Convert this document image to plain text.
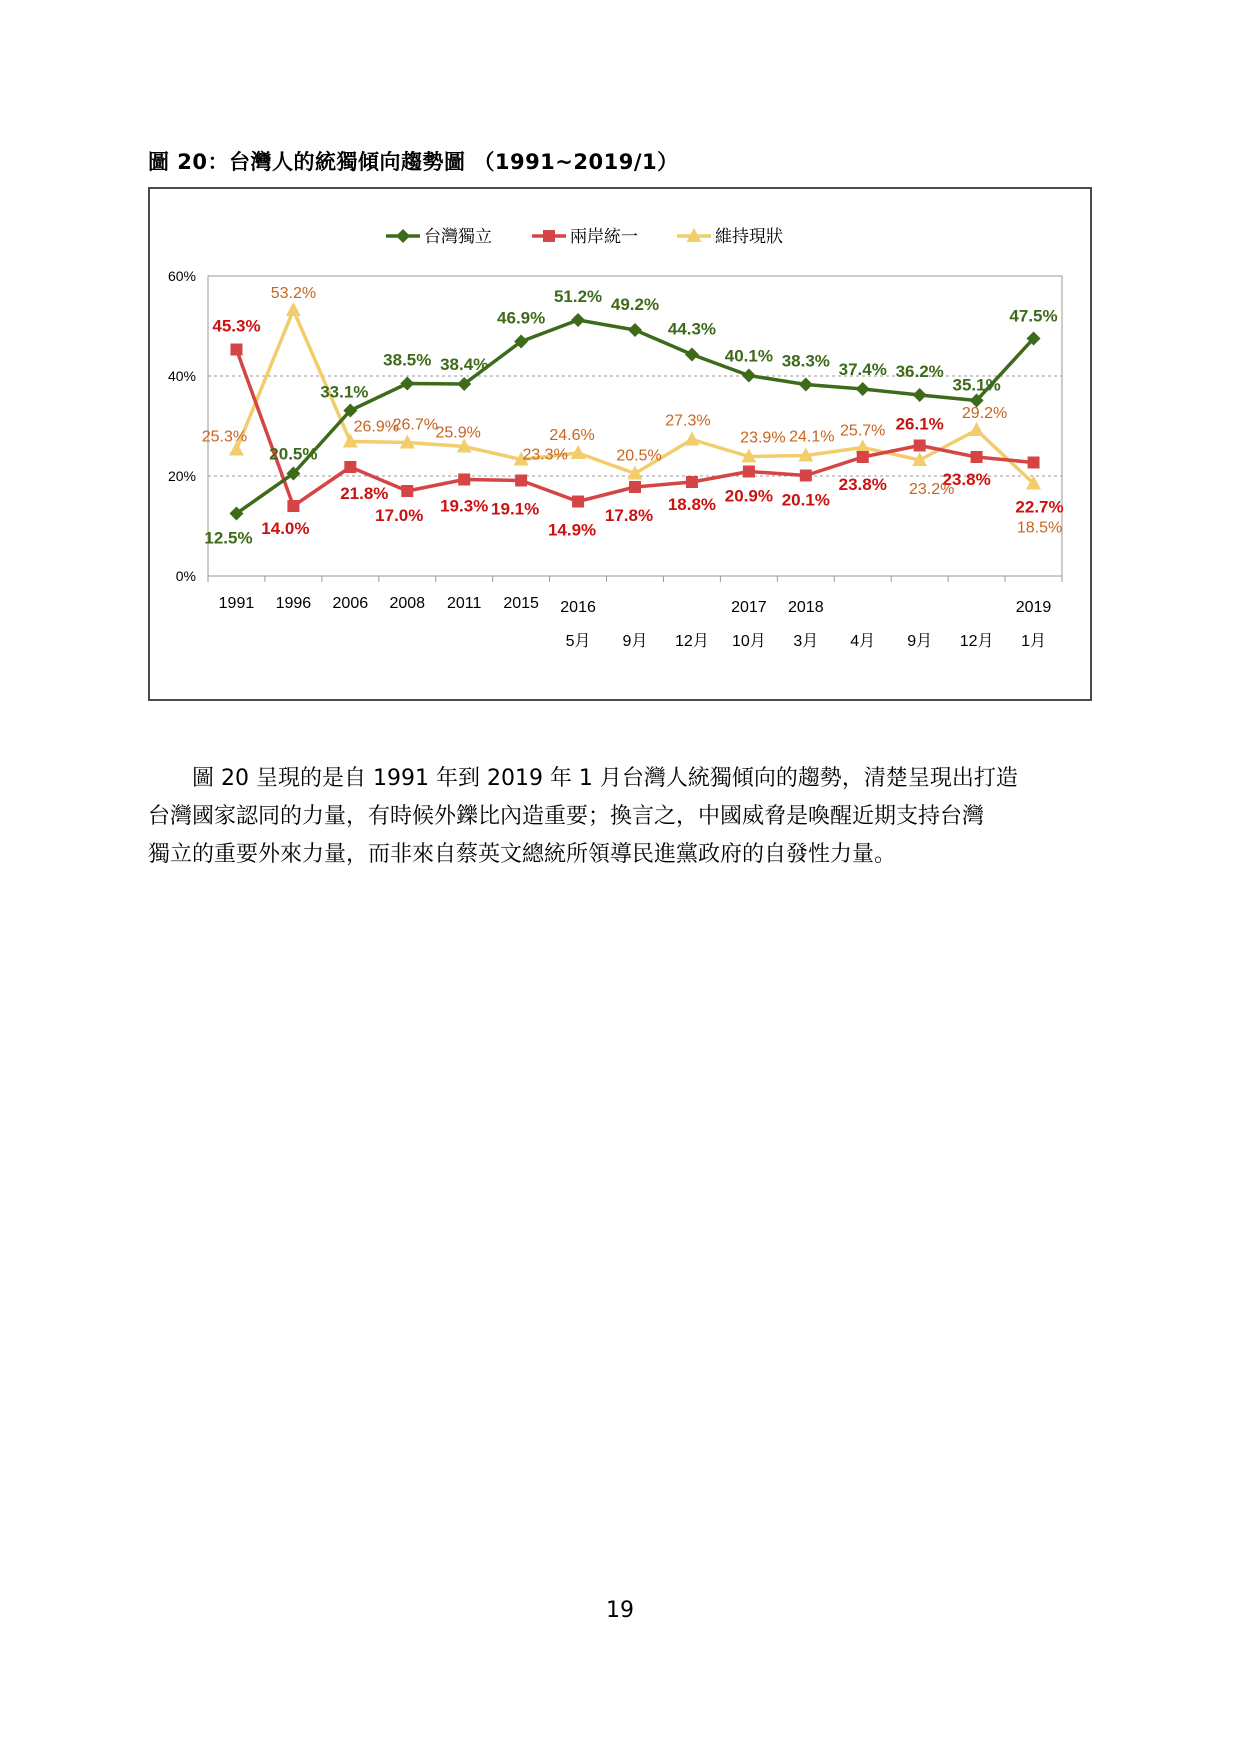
圖 20：台灣人的統獨傾向趨勢圖 （1991~2019/1）
0%
20%
40%
60%
1991 1996 2006 2008 2011 2015 2016	2017 2018	2019
5月 9月 12月 10月 3月 4月 9月 12月 1月
12.5%
20.5%
33.1%
38.5% 38.4%
46.9%
51.2% 49.2%
44.3%
40.1% 38.3% 37.4% 36.2%
35.1%
47.5%
45.3%
14.0%
21.8%
17.0% 19.3% 19.1%
14.9%
17.8%
18.8% 20.9% 20.1%
23.8%
26.1%
23.8%
22.7%
25.3%
53.2%
26.9%
26.7%
25.9%
23.3%
24.6%
20.5%
27.3%
23.9% 24.1% 25.7%
23.2%
29.2%
18.5%
台灣獨立	兩岸統一	維持現狀

　　圖 20 呈現的是自 1991 年到 2019 年 1 月台灣人統獨傾向的趨勢，清楚呈現出打造
台灣國家認同的力量，有時候外鑠比內造重要；換言之，中國威脅是喚醒近期支持台灣
獨立的重要外來力量，而非來自蔡英文總統所領導民進黨政府的自發性力量。

19
